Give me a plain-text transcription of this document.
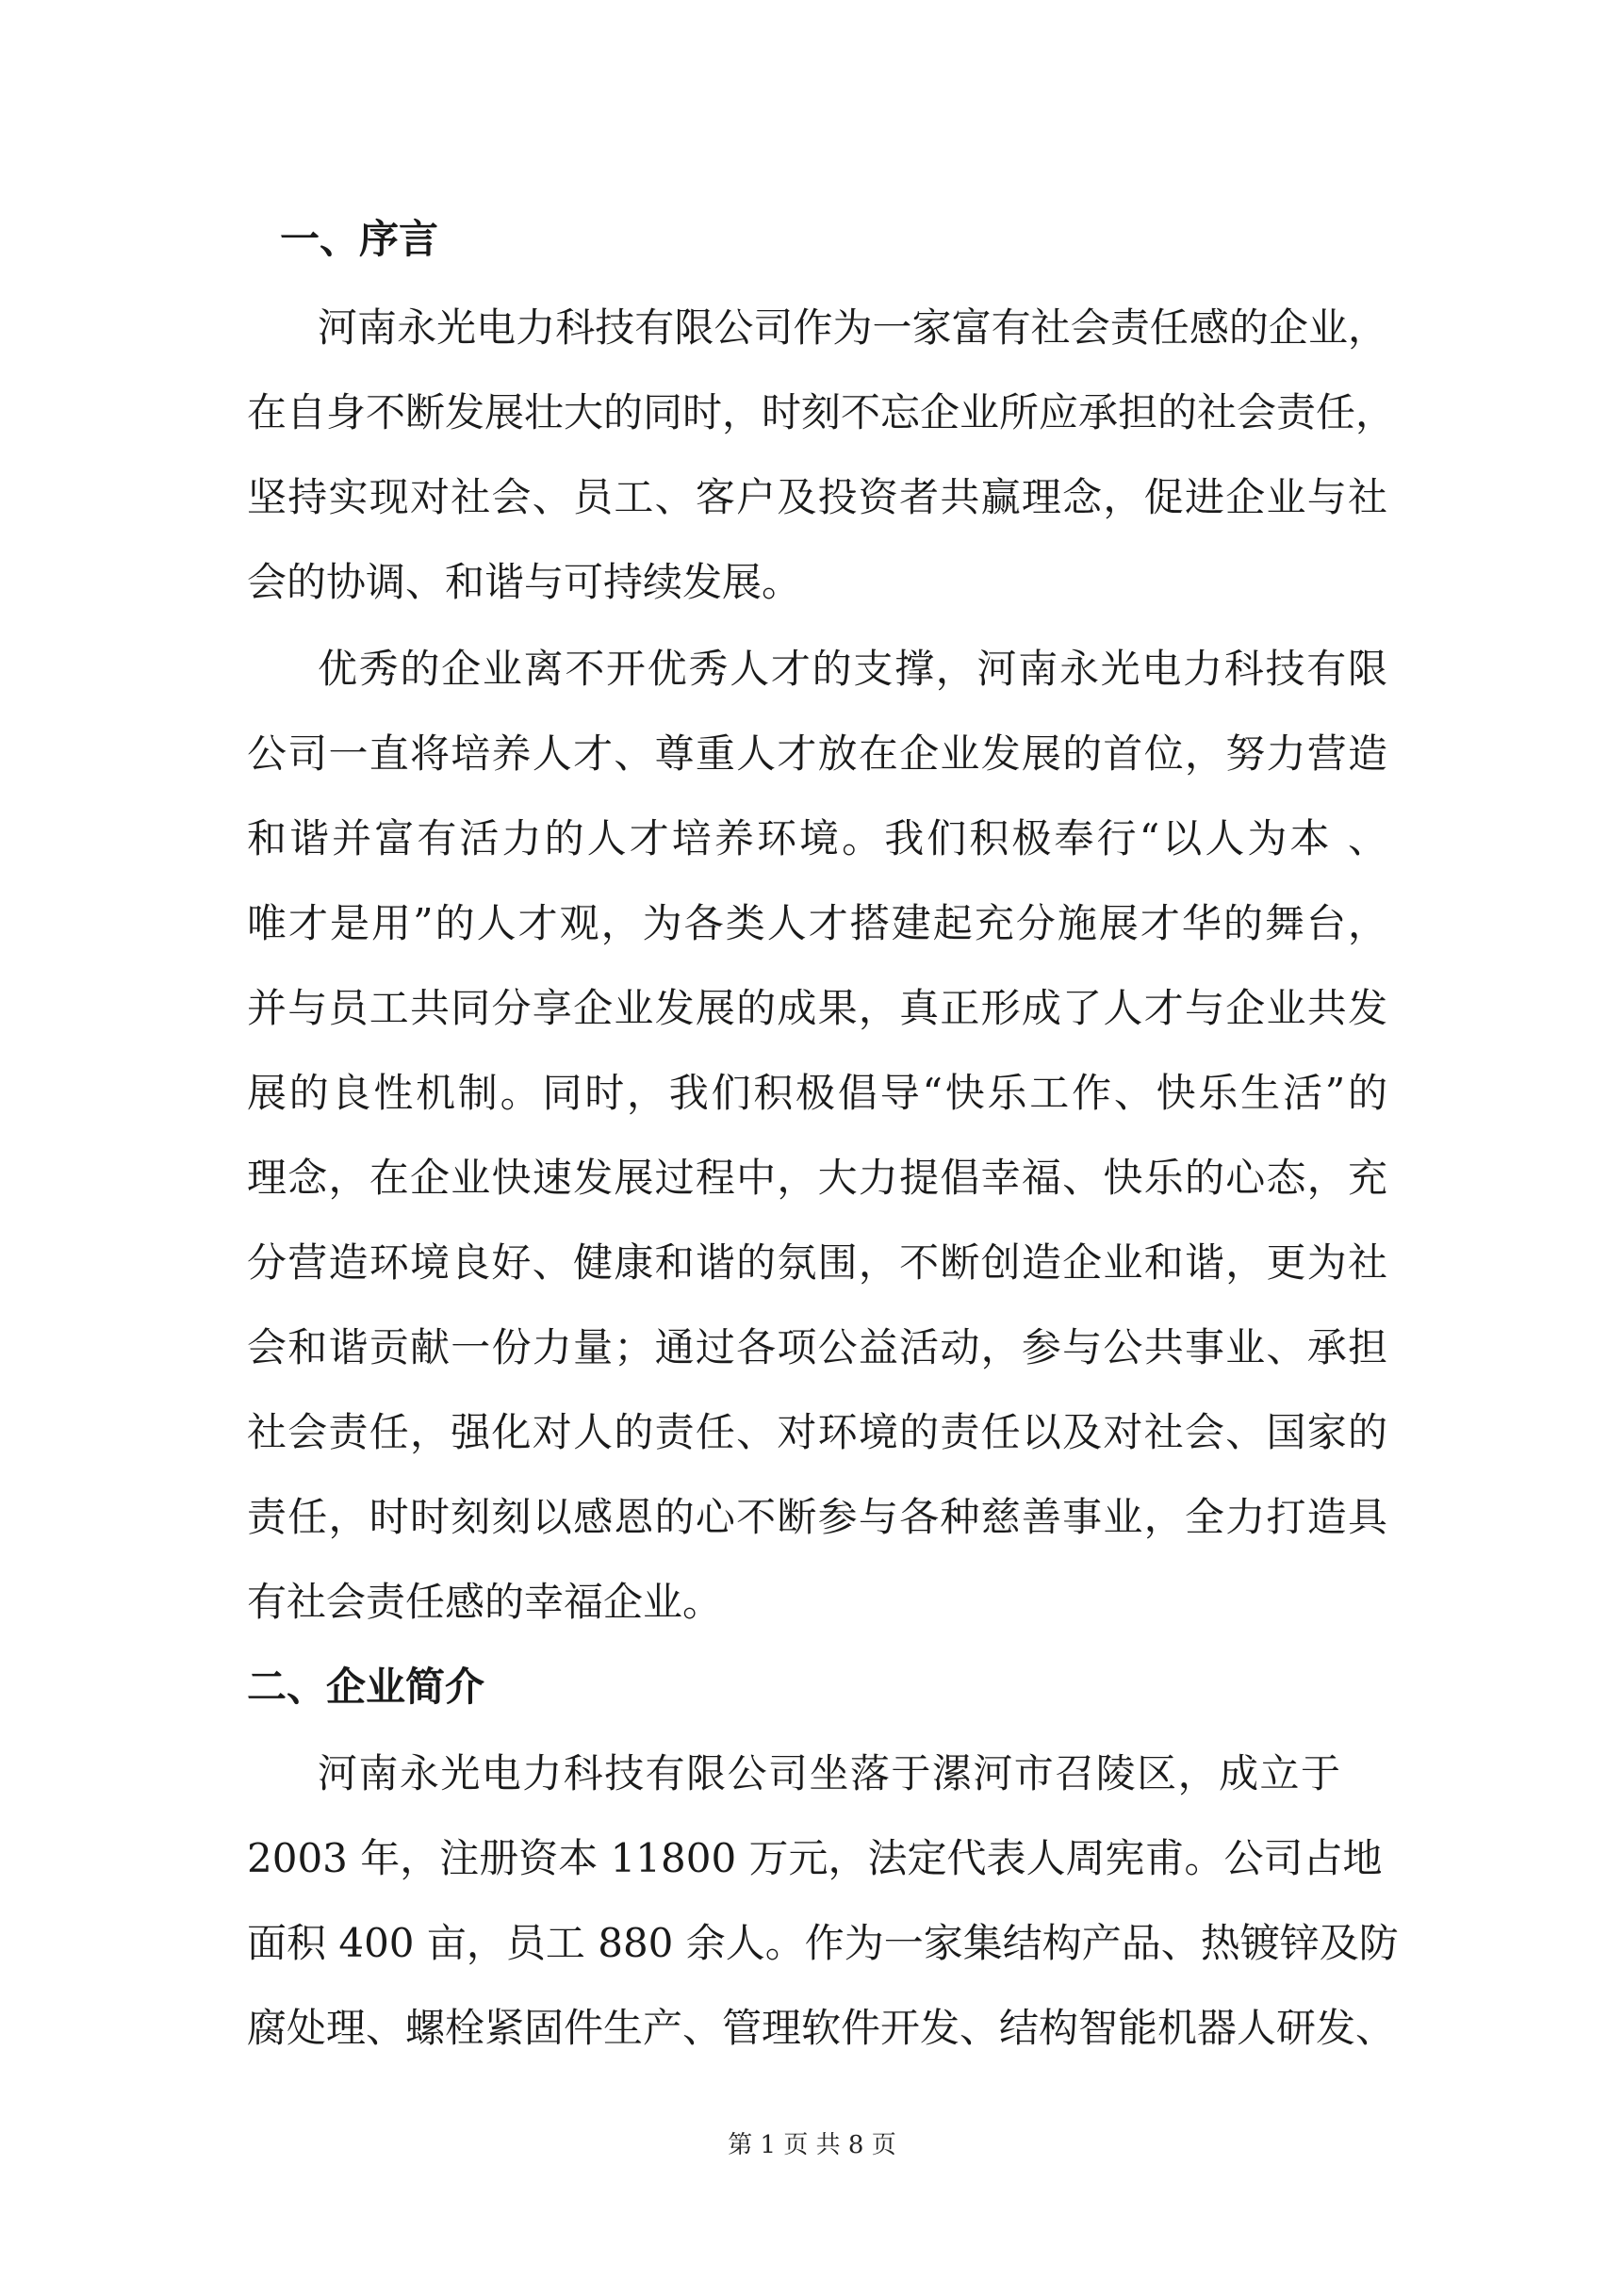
一、序言
河南永光电力科技有限公司作为一家富有社会责任感的企业，
在自身不断发展壮大的同时，时刻不忘企业所应承担的社会责任，
坚持实现对社会、员工、客户及投资者共赢理念，促进企业与社
会的协调、和谐与可持续发展。
优秀的企业离不开优秀人才的支撑，河南永光电力科技有限
公司一直将培养人才、尊重人才放在企业发展的首位，努力营造
和谐并富有活力的人才培养环境。我们积极奉行“以人为本 、
唯才是用”的人才观，为各类人才搭建起充分施展才华的舞台，
并与员工共同分享企业发展的成果，真正形成了人才与企业共发
展的良性机制。同时，我们积极倡导“快乐工作、快乐生活”的
理念，在企业快速发展过程中，大力提倡幸福、快乐的心态，充
分营造环境良好、健康和谐的氛围，不断创造企业和谐，更为社
会和谐贡献一份力量；通过各项公益活动，参与公共事业、承担
社会责任，强化对人的责任、对环境的责任以及对社会、国家的
责任，时时刻刻以感恩的心不断参与各种慈善事业，全力打造具
有社会责任感的幸福企业。
二、企业简介
河南永光电力科技有限公司坐落于漯河市召陵区，成立于
2003 年，注册资本 11800 万元，法定代表人周宪甫。公司占地
面积 400 亩，员工 880 余人。作为一家集结构产品、热镀锌及防
腐处理、螺栓紧固件生产、管理软件开发、结构智能机器人研发、
第 1 页 共 8 页
